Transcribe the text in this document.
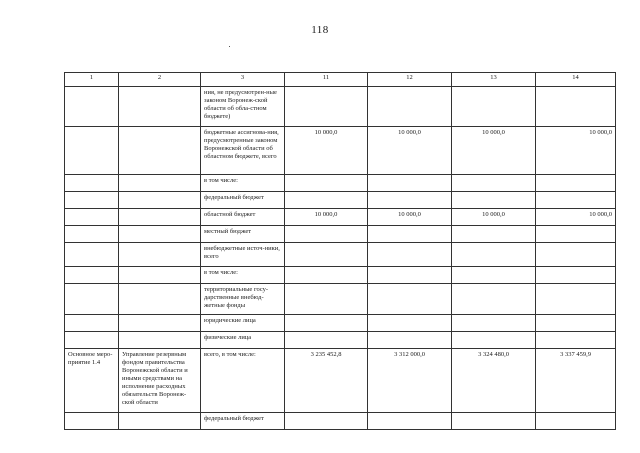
118
1	2	3	11	12	13	14
		ния, не предусмотрен-ные законом Воронеж-ской области об обла-стном бюджете)				
		бюджетные ассигнова-ния, предусмотренные законом Воронежской области об областном бюджете, всего	10 000,0	10 000,0	10 000,0	10 000,0
		в том числе:				
		федеральный бюджет				
		областной бюджет	10 000,0	10 000,0	10 000,0	10 000,0
		местный бюджет				
		внебюджетные источ-ники, всего				
		в том числе:				
		территориальные госу-дарственные внебюд-жетные фонды				
		юридические лица				
		физические лица				
Основное меро-приятие 1.4	Управление резервным фондом правительства Воронежской области и иными средствами на исполнение расходных обязательств Воронеж-ской области	всего, в том числе:	3 235 452,8	3 312 000,0	3 324 480,0	3 337 459,9
		федеральный бюджет				
